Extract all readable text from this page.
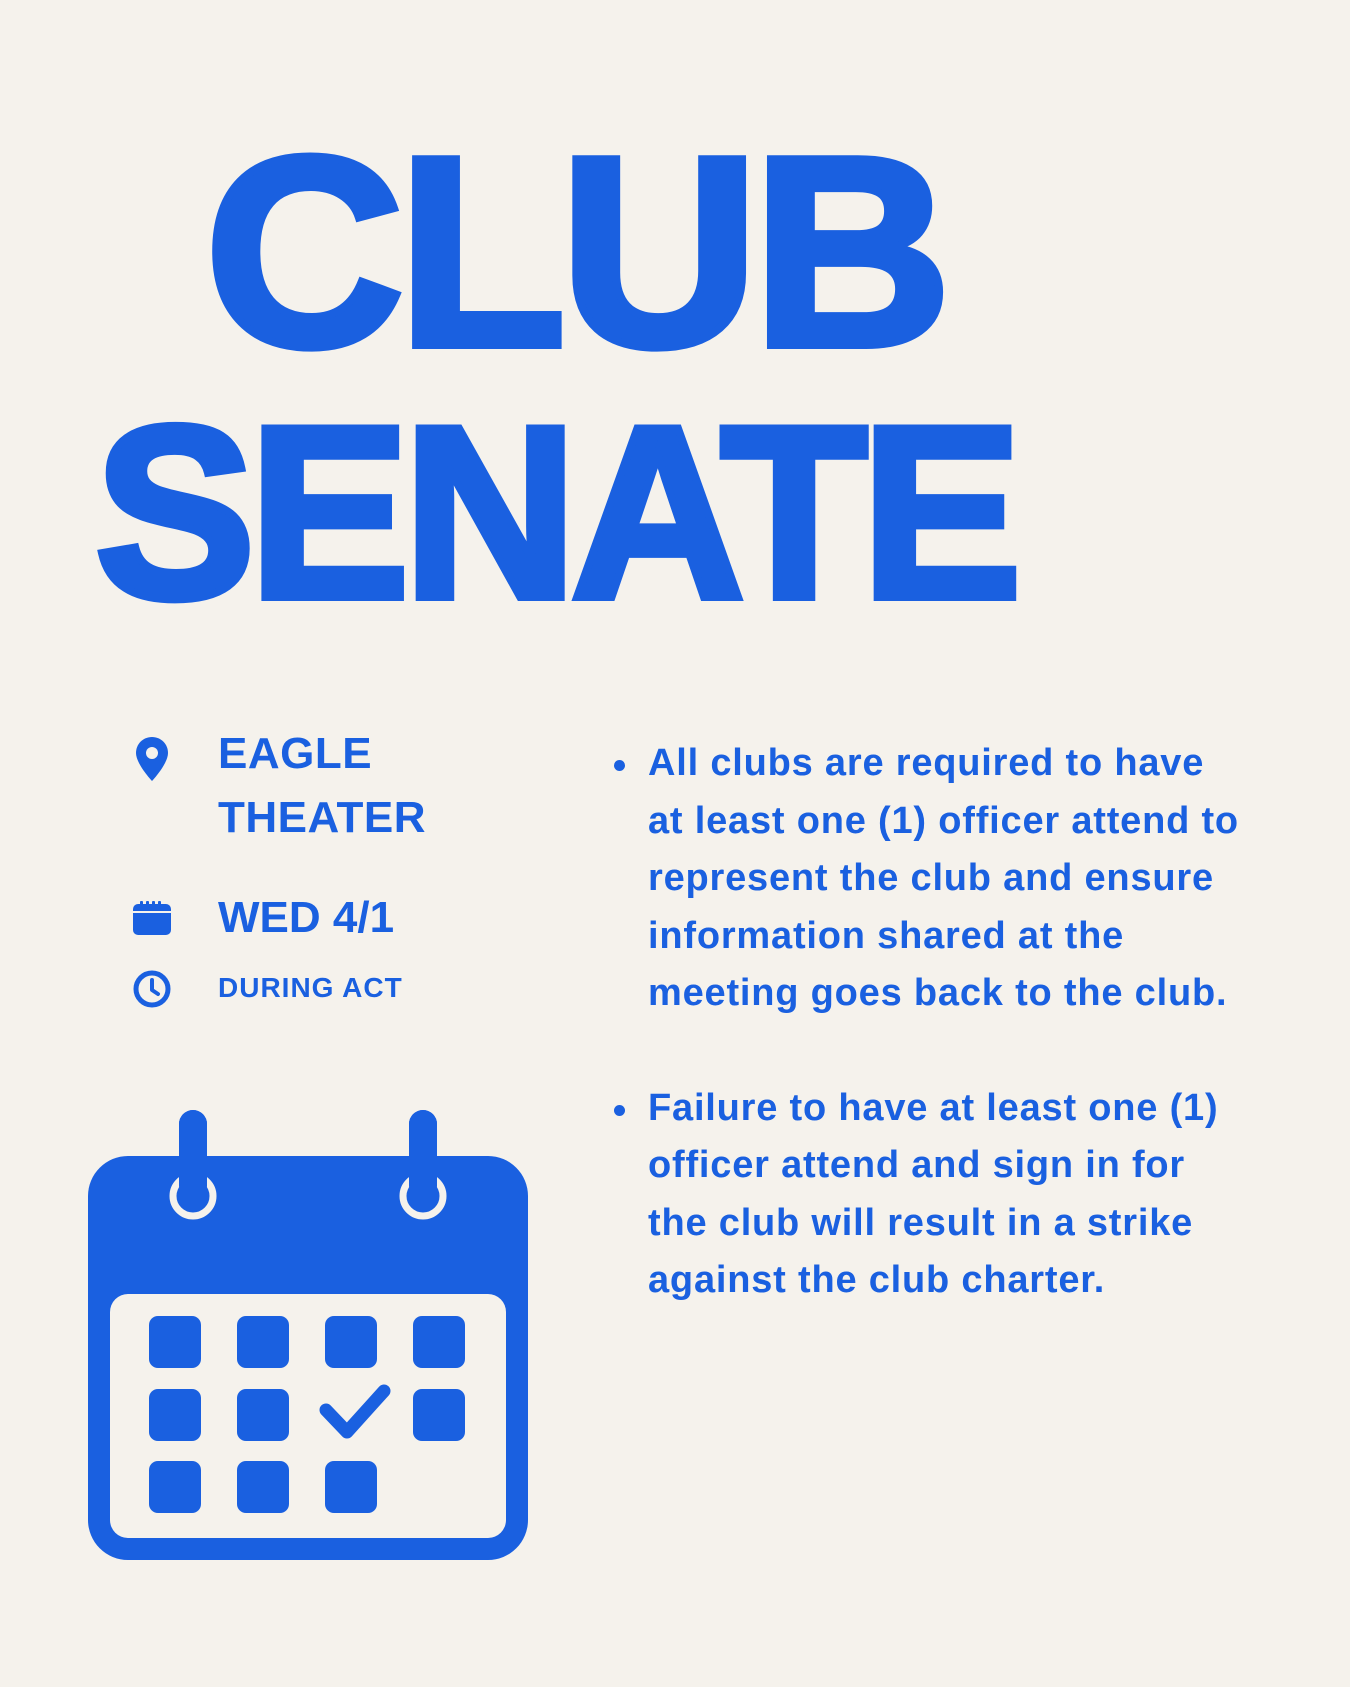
CLUB
SENATE
EAGLE
THEATER
WED 4/1
DURING ACT
All clubs are required to have at least one (1) officer attend to represent the club and ensure information shared at the meeting goes back to the club.
Failure to have at least one (1) officer attend and sign in for the club will result in a strike against the club charter.
